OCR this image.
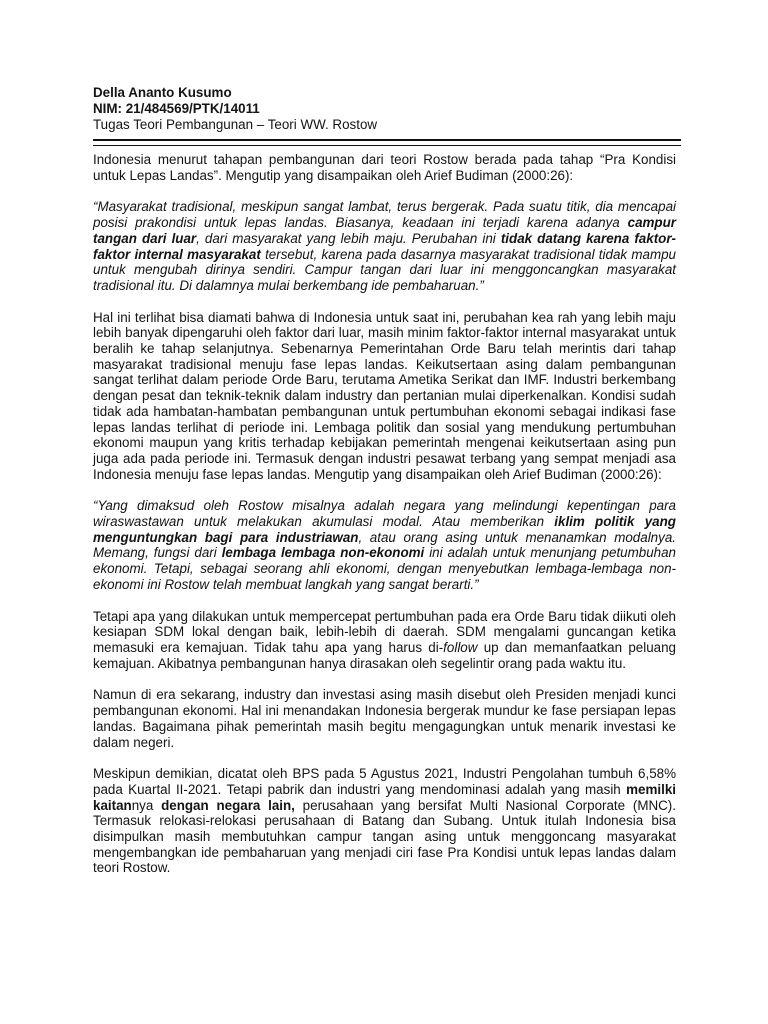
Della Ananto Kusumo
NIM: 21/484569/PTK/14011
Tugas Teori Pembangunan – Teori WW. Rostow

Indonesia menurut tahapan pembangunan dari teori Rostow berada pada tahap “Pra Kondisi untuk Lepas Landas”. Mengutip yang disampaikan oleh Arief Budiman (2000:26):

“Masyarakat tradisional, meskipun sangat lambat, terus bergerak. Pada suatu titik, dia mencapai posisi prakondisi untuk lepas landas. Biasanya, keadaan ini terjadi karena adanya campur tangan dari luar, dari masyarakat yang lebih maju. Perubahan ini tidak datang karena faktor-faktor internal masyarakat tersebut, karena pada dasarnya masyarakat tradisional tidak mampu untuk mengubah dirinya sendiri. Campur tangan dari luar ini menggoncangkan masyarakat tradisional itu. Di dalamnya mulai berkembang ide pembaharuan.”

Hal ini terlihat bisa diamati bahwa di Indonesia untuk saat ini, perubahan kea rah yang lebih maju lebih banyak dipengaruhi oleh faktor dari luar, masih minim faktor-faktor internal masyarakat untuk beralih ke tahap selanjutnya. Sebenarnya Pemerintahan Orde Baru telah merintis dari tahap masyarakat tradisional menuju fase lepas landas. Keikutsertaan asing dalam pembangunan sangat terlihat dalam periode Orde Baru, terutama Ametika Serikat dan IMF. Industri berkembang dengan pesat dan teknik-teknik dalam industry dan pertanian mulai diperkenalkan. Kondisi sudah tidak ada hambatan-hambatan pembangunan untuk pertumbuhan ekonomi sebagai indikasi fase lepas landas terlihat di periode ini. Lembaga politik dan sosial yang mendukung pertumbuhan ekonomi maupun yang kritis terhadap kebijakan pemerintah mengenai keikutsertaan asing pun juga ada pada periode ini. Termasuk dengan industri pesawat terbang yang sempat menjadi asa Indonesia menuju fase lepas landas. Mengutip yang disampaikan oleh Arief Budiman (2000:26):

“Yang dimaksud oleh Rostow misalnya adalah negara yang melindungi kepentingan para wiraswastawan untuk melakukan akumulasi modal. Atau memberikan iklim politik yang menguntungkan bagi para industriawan, atau orang asing untuk menanamkan modalnya. Memang, fungsi dari lembaga lembaga non-ekonomi ini adalah untuk menunjang petumbuhan ekonomi. Tetapi, sebagai seorang ahli ekonomi, dengan menyebutkan lembaga-lembaga non-ekonomi ini Rostow telah membuat langkah yang sangat berarti.”

Tetapi apa yang dilakukan untuk mempercepat pertumbuhan pada era Orde Baru tidak diikuti oleh kesiapan SDM lokal dengan baik, lebih-lebih di daerah. SDM mengalami guncangan ketika memasuki era kemajuan. Tidak tahu apa yang harus di-follow up dan memanfaatkan peluang kemajuan. Akibatnya pembangunan hanya dirasakan oleh segelintir orang pada waktu itu.

Namun di era sekarang, industry dan investasi asing masih disebut oleh Presiden menjadi kunci pembangunan ekonomi. Hal ini menandakan Indonesia bergerak mundur ke fase persiapan lepas landas. Bagaimana pihak pemerintah masih begitu mengagungkan untuk menarik investasi ke dalam negeri.

Meskipun demikian, dicatat oleh BPS pada 5 Agustus 2021, Industri Pengolahan tumbuh 6,58% pada Kuartal II-2021. Tetapi pabrik dan industri yang mendominasi adalah yang masih memilki kaitannya dengan negara lain, perusahaan yang bersifat Multi Nasional Corporate (MNC). Termasuk relokasi-relokasi perusahaan di Batang dan Subang. Untuk itulah Indonesia bisa disimpulkan masih membutuhkan campur tangan asing untuk menggoncang masyarakat mengembangkan ide pembaharuan yang menjadi ciri fase Pra Kondisi untuk lepas landas dalam teori Rostow.
